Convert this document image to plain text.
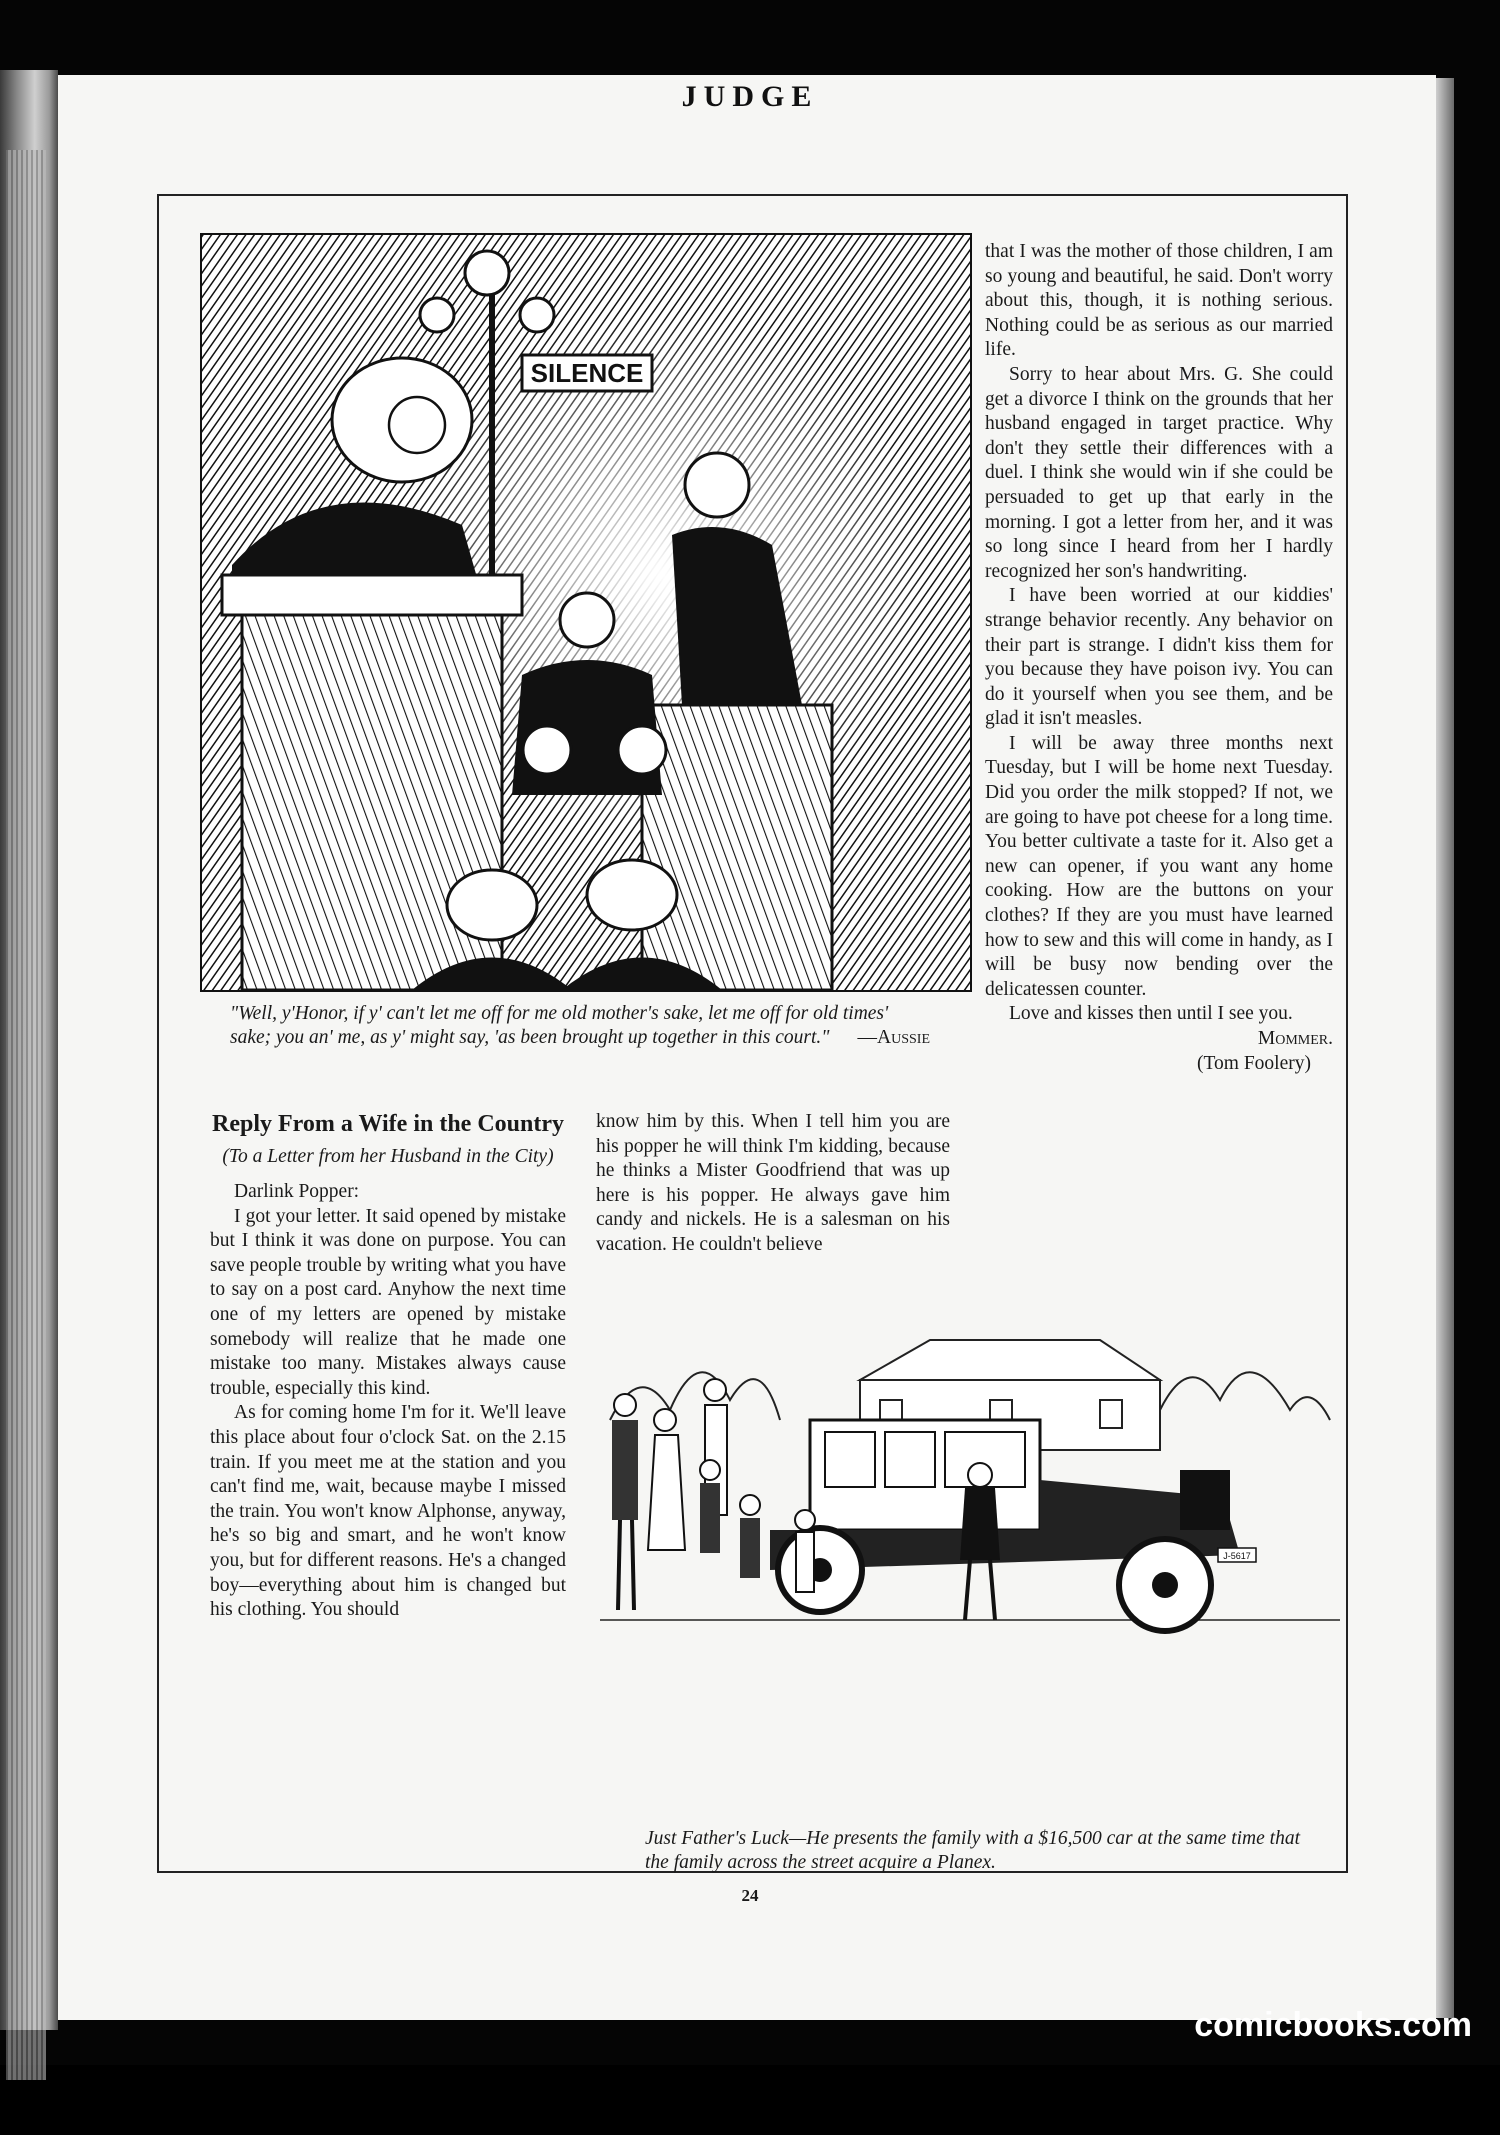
JUDGE
SILENCE
"Well, y'Honor, if y' can't let me off for me old mother's sake, let me off for old times' sake; you an' me, as y' might say, 'as been brought up together in this court." —Aussie
Reply From a Wife in the Country
(To a Letter from her Husband in the City)

Darlink Popper:

I got your letter. It said opened by mistake but I think it was done on purpose. You can save people trouble by writing what you have to say on a post card. Anyhow the next time one of my letters are opened by mistake somebody will realize that he made one mistake too many. Mistakes always cause trouble, especially this kind.

As for coming home I'm for it. We'll leave this place about four o'clock Sat. on the 2.15 train. If you meet me at the station and you can't find me, wait, because maybe I missed the train. You won't know Alphonse, anyway, he's so big and smart, and he won't know you, but for different reasons. He's a changed boy—everything about him is changed but his clothing. You should

know him by this. When I tell him you are his popper he will think I'm kidding, because he thinks a Mister Goodfriend that was up here is his popper. He always gave him candy and nickels. He is a salesman on his vacation. He couldn't believe

that I was the mother of those children, I am so young and beautiful, he said. Don't worry about this, though, it is nothing serious. Nothing could be as serious as our married life.

Sorry to hear about Mrs. G. She could get a divorce I think on the grounds that her husband engaged in target practice. Why don't they settle their differences with a duel. I think she would win if she could be persuaded to get up that early in the morning. I got a letter from her, and it was so long since I heard from her I hardly recognized her son's handwriting.

I have been worried at our kiddies' strange behavior recently. Any behavior on their part is strange. I didn't kiss them for you because they have poison ivy. You can do it yourself when you see them, and be glad it isn't measles.

I will be away three months next Tuesday, but I will be home next Tuesday. Did you order the milk stopped? If not, we are going to have pot cheese for a long time. You better cultivate a taste for it. Also get a new can opener, if you want any home cooking. How are the buttons on your clothes? If they are you must have learned how to sew and this will come in handy, as I will be busy now bending over the delicatessen counter.

Love and kisses then until I see you.

Mommer.
(Tom Foolery)
J-5617
Just Father's Luck—He presents the family with a $16,500 car at the same time that the family across the street acquire a Planex.
24
comicbooks.com
